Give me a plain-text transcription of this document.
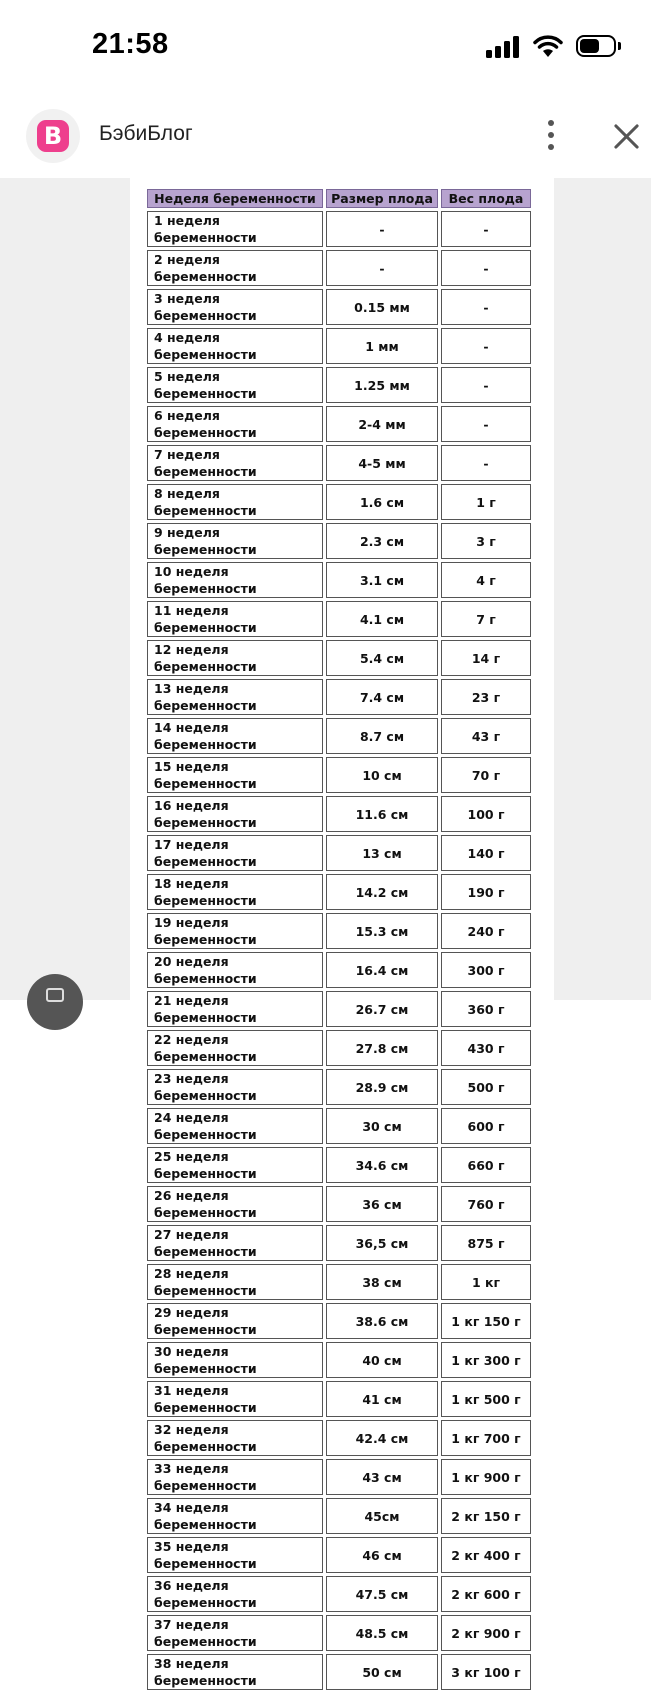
21:58
B	БэбиБлог
Неделя беременности	Размер плода	Вес плода
1 неделя беременности	-	-
2 неделя беременности	-	-
3 неделя беременности	0.15 мм	-
4 неделя беременности	1 мм	-
5 неделя беременности	1.25 мм	-
6 неделя беременности	2-4 мм	-
7 неделя беременности	4-5 мм	-
8 неделя беременности	1.6 см	1 г
9 неделя беременности	2.3 см	3 г
10 неделя беременности	3.1 см	4 г
11 неделя беременности	4.1 см	7 г
12 неделя беременности	5.4 см	14 г
13 неделя беременности	7.4 см	23 г
14 неделя беременности	8.7 см	43 г
15 неделя беременности	10 см	70 г
16 неделя беременности	11.6 см	100 г
17 неделя беременности	13 см	140 г
18 неделя беременности	14.2 см	190 г
19 неделя беременности	15.3 см	240 г
20 неделя беременности	16.4 см	300 г
21 неделя беременности	26.7 см	360 г
22 неделя беременности	27.8 см	430 г
23 неделя беременности	28.9 см	500 г
24 неделя беременности	30 см	600 г
25 неделя беременности	34.6 см	660 г
26 неделя беременности	36 см	760 г
27 неделя беременности	36,5 см	875 г
28 неделя беременности	38 см	1 кг
29 неделя беременности	38.6 см	1 кг 150 г
30 неделя беременности	40 см	1 кг 300 г
31 неделя беременности	41 см	1 кг 500 г
32 неделя беременности	42.4 см	1 кг 700 г
33 неделя беременности	43 см	1 кг 900 г
34 неделя беременности	45см	2 кг 150 г
35 неделя беременности	46 см	2 кг 400 г
36 неделя беременности	47.5 см	2 кг 600 г
37 неделя беременности	48.5 см	2 кг 900 г
38 неделя беременности	50 см	3 кг 100 г
